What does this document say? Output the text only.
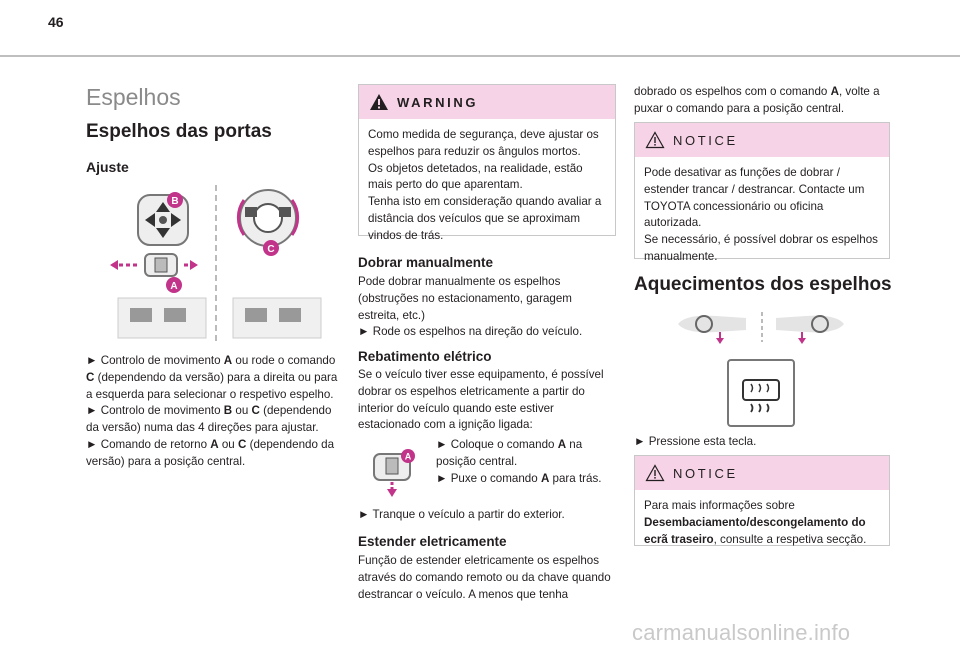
46
Espelhos
Espelhos das portas
Ajuste
B
A
C
► Controlo de movimento A ou rode o comando C (dependendo da versão) para a direita ou para a esquerda para selecionar o respetivo espelho.
► Controlo de movimento B ou C (dependendo da versão) numa das 4 direções para ajustar.
► Comando de retorno A ou C (dependendo da versão) para a posição central.
WARNING
Como medida de segurança, deve ajustar os espelhos para reduzir os ângulos mortos.
Os objetos detetados, na realidade, estão mais perto do que aparentam.
Tenha isto em consideração quando avaliar a distância dos veículos que se aproximam vindos de trás.
Dobrar manualmente
Pode dobrar manualmente os espelhos (obstruções no estacionamento, garagem estreita, etc.)
► Rode os espelhos na direção do veículo.
Rebatimento elétrico
Se o veículo tiver esse equipamento, é possível dobrar os espelhos eletricamente a partir do interior do veículo quando este estiver estacionado com a ignição ligada:
A
► Coloque o comando A na posição central.
► Puxe o comando A para trás.
► Tranque o veículo a partir do exterior.
Estender eletricamente
Função de estender eletricamente os espelhos através do comando remoto ou da chave quando destrancar o veículo. A menos que tenha
dobrado os espelhos com o comando A, volte a puxar o comando para a posição central.
NOTICE
Pode desativar as funções de dobrar / estender trancar / destrancar. Contacte um TOYOTA concessionário ou oficina autorizada.
Se necessário, é possível dobrar os espelhos manualmente.
Aquecimentos dos espelhos
► Pressione esta tecla.
NOTICE
Para mais informações sobre Desembaciamento/descongelamento do ecrã traseiro, consulte a respetiva secção.
carmanualsonline.info
